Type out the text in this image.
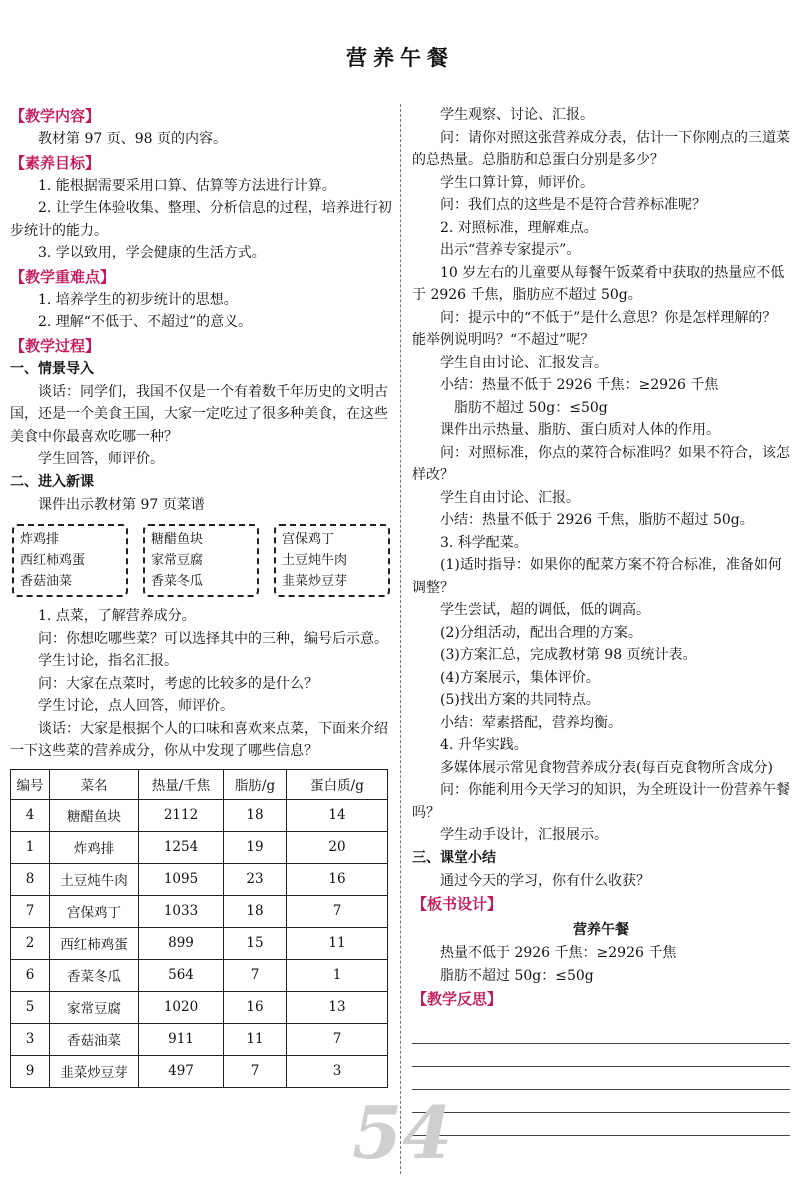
营养午餐

【教学内容】

教材第 97 页、98 页的内容。

【素养目标】

1. 能根据需要采用口算、估算等方法进行计算。

2. 让学生体验收集、整理、分析信息的过程，培养进行初步统计的能力。

3. 学以致用，学会健康的生活方式。

【教学重难点】

1. 培养学生的初步统计的思想。

2. 理解“不低于、不超过”的意义。

【教学过程】

一、情景导入

谈话：同学们，我国不仅是一个有着数千年历史的文明古国，还是一个美食王国，大家一定吃过了很多种美食，在这些美食中你最喜欢吃哪一种？

学生回答，师评价。

二、进入新课

课件出示教材第 97 页菜谱

炸鸡排
西红柿鸡蛋
香菇油菜
糖醋鱼块
家常豆腐
香菜冬瓜
宫保鸡丁
土豆炖牛肉
韭菜炒豆芽

1. 点菜，了解营养成分。

问：你想吃哪些菜？可以选择其中的三种，编号后示意。

学生讨论，指名汇报。

问：大家在点菜时，考虑的比较多的是什么？

学生讨论，点人回答，师评价。

谈话：大家是根据个人的口味和喜欢来点菜，下面来介绍一下这些菜的营养成分，你从中发现了哪些信息？

编号	菜名	热量/千焦	脂肪/g	蛋白质/g
4	糖醋鱼块	2112	18	14
1	炸鸡排	1254	19	20
8	土豆炖牛肉	1095	23	16
7	宫保鸡丁	1033	18	7
2	西红柿鸡蛋	899	15	11
6	香菜冬瓜	564	7	1
5	家常豆腐	1020	16	13
3	香菇油菜	911	11	7
9	韭菜炒豆芽	497	7	3

学生观察、讨论、汇报。

问：请你对照这张营养成分表，估计一下你刚点的三道菜的总热量。总脂肪和总蛋白分别是多少？

学生口算计算，师评价。

问：我们点的这些是不是符合营养标准呢？

2. 对照标准，理解难点。

出示“营养专家提示”。

10 岁左右的儿童要从每餐午饭菜肴中获取的热量应不低于 2926 千焦，脂肪应不超过 50g。

问：提示中的“不低于”是什么意思？你是怎样理解的？能举例说明吗？“不超过”呢？

学生自由讨论、汇报发言。

小结：热量不低于 2926 千焦：≥2926 千焦

脂肪不超过 50g：≤50g

课件出示热量、脂肪、蛋白质对人体的作用。

问：对照标准，你点的菜符合标准吗？如果不符合，该怎样改？

学生自由讨论、汇报。

小结：热量不低于 2926 千焦，脂肪不超过 50g。

3. 科学配菜。

(1)适时指导：如果你的配菜方案不符合标准，准备如何调整？

学生尝试，超的调低，低的调高。

(2)分组活动，配出合理的方案。

(3)方案汇总，完成教材第 98 页统计表。

(4)方案展示，集体评价。

(5)找出方案的共同特点。

小结：荤素搭配，营养均衡。

4. 升华实践。

多媒体展示常见食物营养成分表(每百克食物所含成分)

问：你能利用今天学习的知识，为全班设计一份营养午餐吗？

学生动手设计，汇报展示。

三、课堂小结

通过今天的学习，你有什么收获？

【板书设计】

营养午餐

热量不低于 2926 千焦：≥2926 千焦

脂肪不超过 50g：≤50g

【教学反思】

54
